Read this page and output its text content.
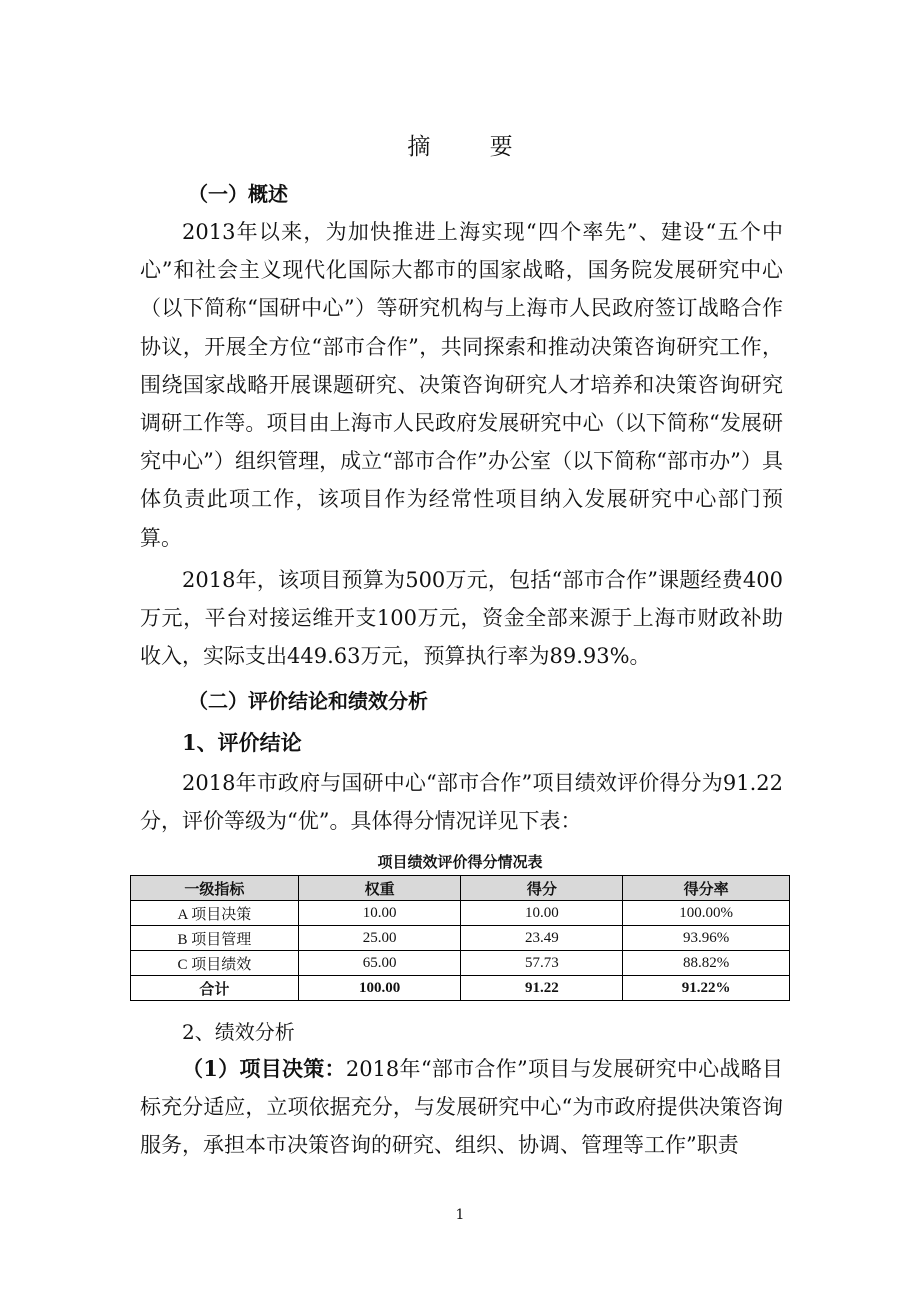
摘 要
（一）概述

2013年以来，为加快推进上海实现“四个率先”、建设“五个中心”和社会主义现代化国际大都市的国家战略，国务院发展研究中心（以下简称“国研中心”）等研究机构与上海市人民政府签订战略合作协议，开展全方位“部市合作”，共同探索和推动决策咨询研究工作，围绕国家战略开展课题研究、决策咨询研究人才培养和决策咨询研究调研工作等。项目由上海市人民政府发展研究中心（以下简称“发展研究中心”）组织管理，成立“部市合作”办公室（以下简称“部市办”）具体负责此项工作，该项目作为经常性项目纳入发展研究中心部门预算。

2018年，该项目预算为500万元，包括“部市合作”课题经费400万元，平台对接运维开支100万元，资金全部来源于上海市财政补助收入，实际支出449.63万元，预算执行率为89.93%。

（二）评价结论和绩效分析
1、评价结论

2018年市政府与国研中心“部市合作”项目绩效评价得分为91.22分，评价等级为“优”。具体得分情况详见下表：

项目绩效评价得分情况表
一级指标	权重	得分	得分率
A 项目决策	10.00	10.00	100.00%
B 项目管理	25.00	23.49	93.96%
C 项目绩效	65.00	57.73	88.82%
合计	100.00	91.22	91.22%
2、绩效分析

（1）项目决策：2018年“部市合作”项目与发展研究中心战略目标充分适应，立项依据充分，与发展研究中心“为市政府提供决策咨询服务，承担本市决策咨询的研究、组织、协调、管理等工作”职责

1
